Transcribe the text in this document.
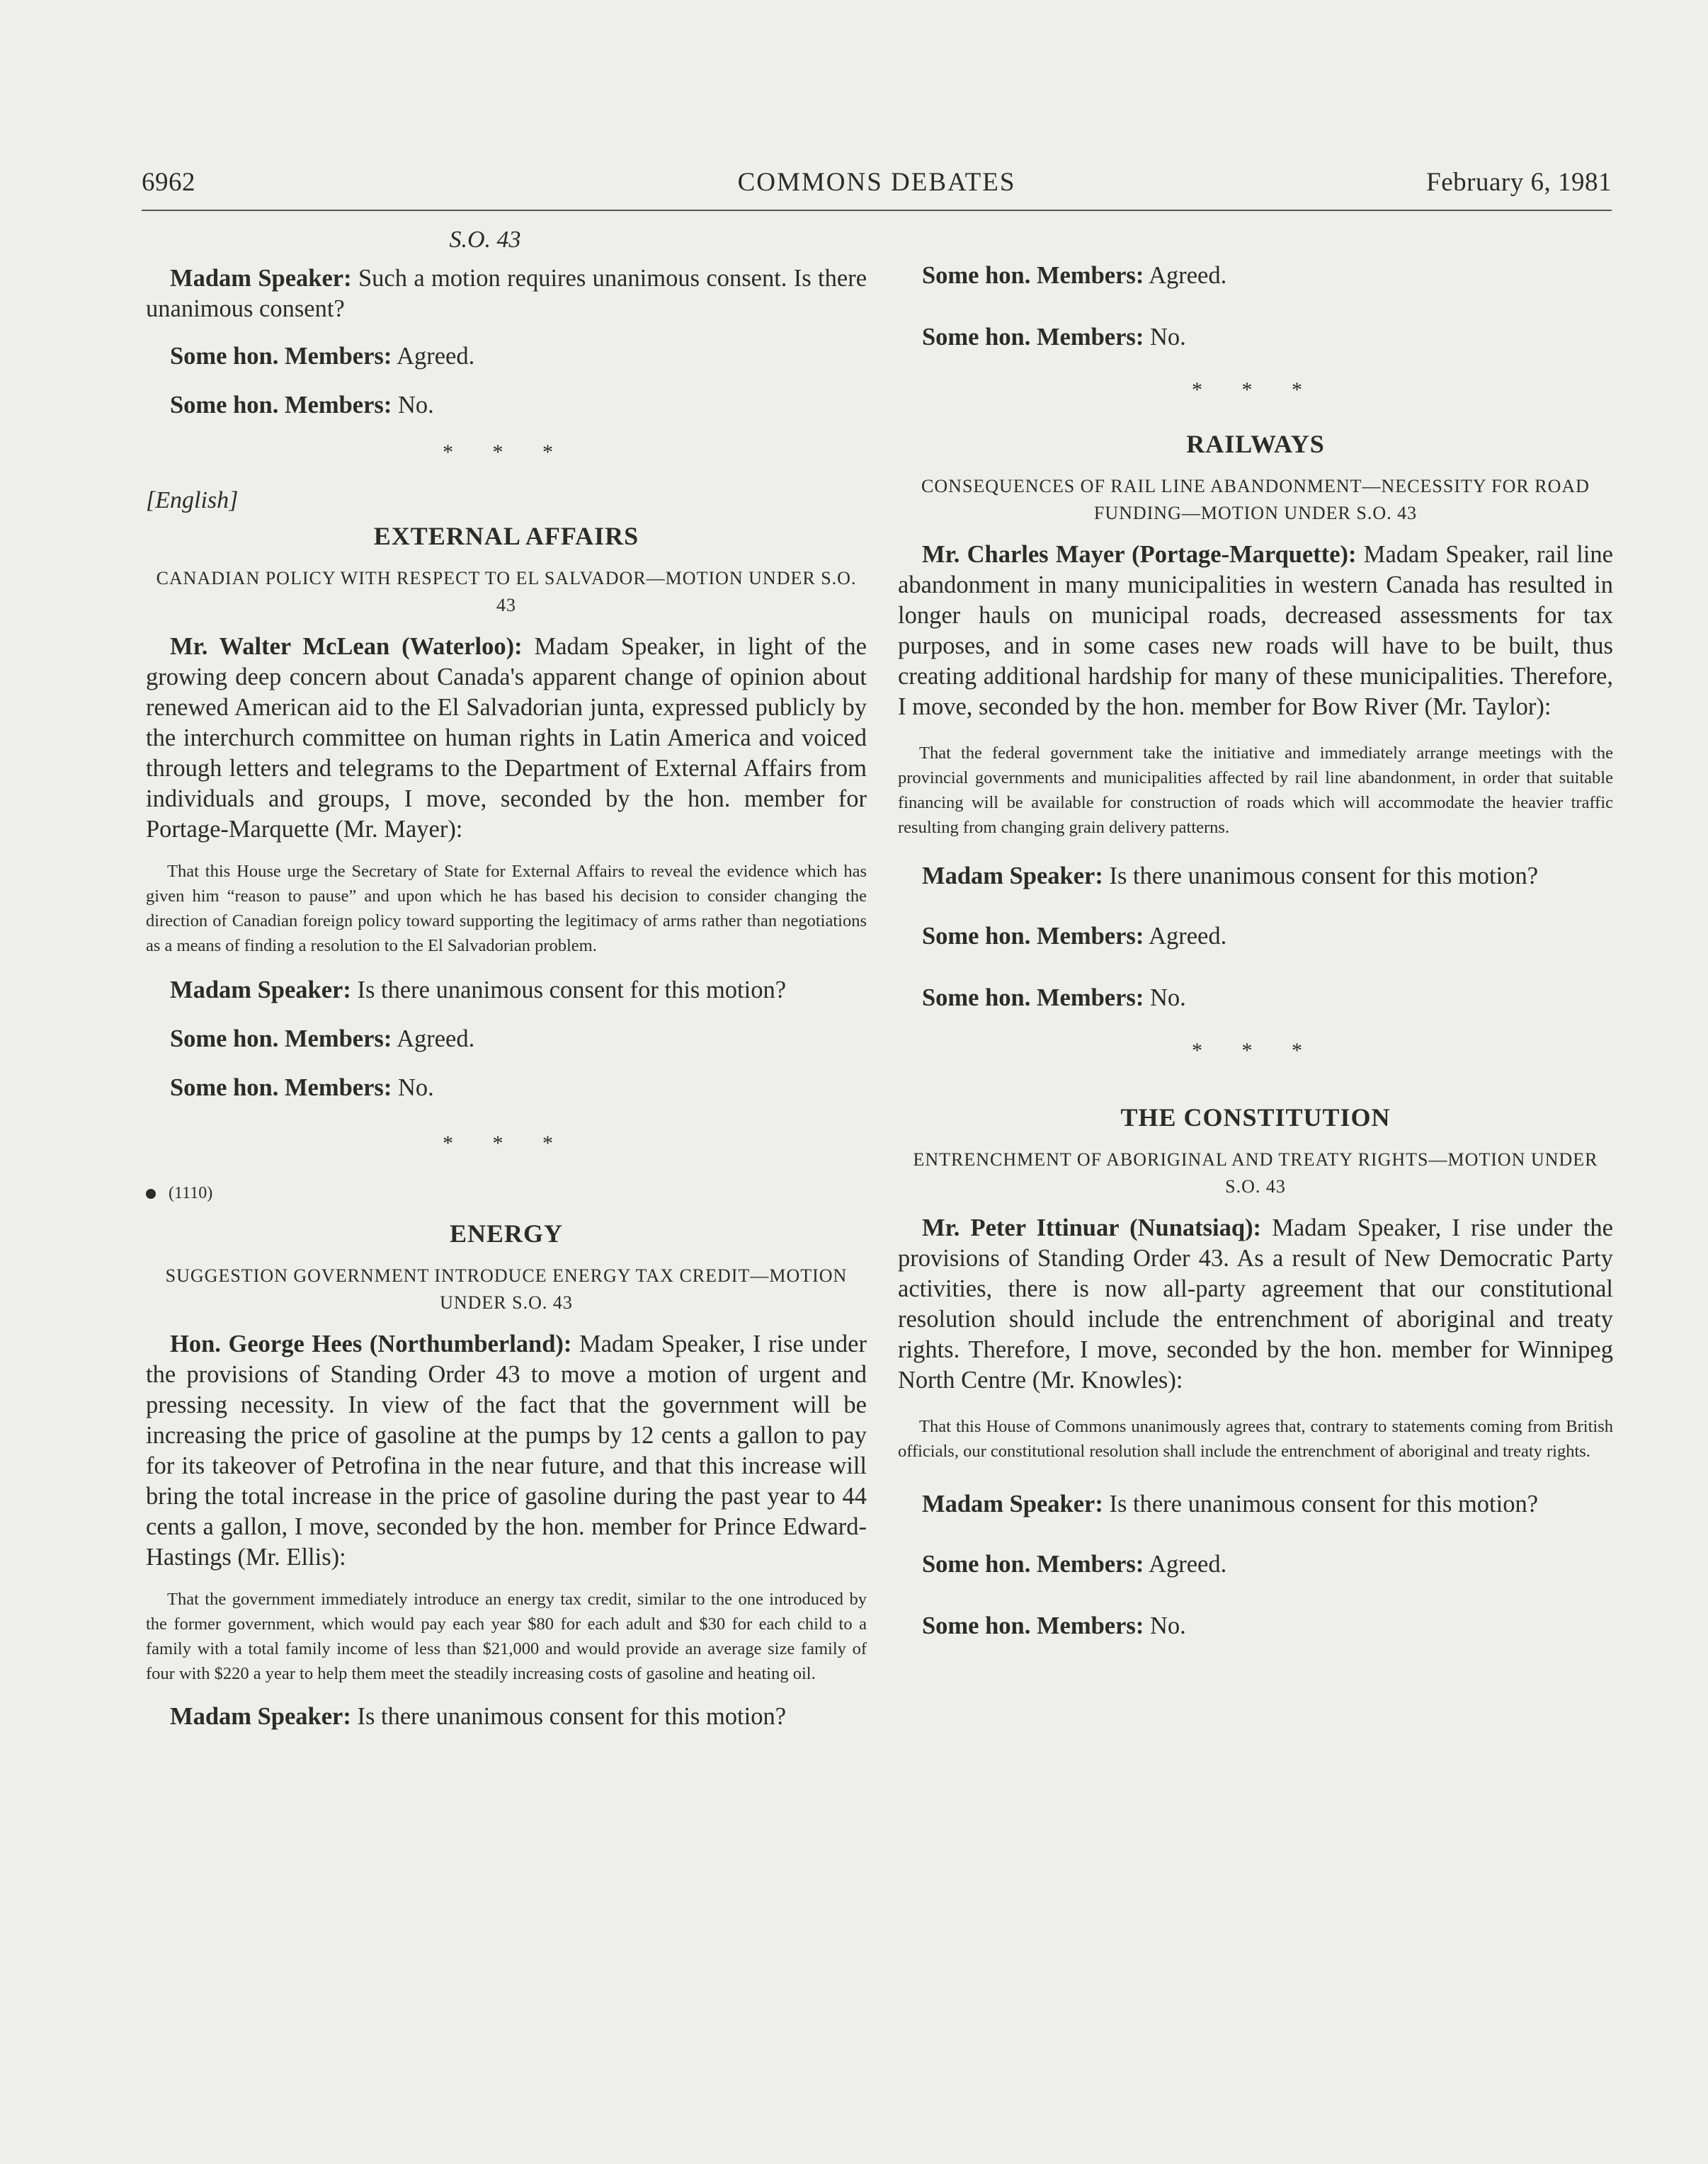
6962	COMMONS DEBATES	February 6, 1981

S.O. 43

Madam Speaker: Such a motion requires unanimous consent. Is there unanimous consent?

Some hon. Members: Agreed.

Some hon. Members: No.

* * *

[English]

EXTERNAL AFFAIRS

CANADIAN POLICY WITH RESPECT TO EL SALVADOR—MOTION UNDER S.O. 43

Mr. Walter McLean (Waterloo): Madam Speaker, in light of the growing deep concern about Canada's apparent change of opinion about renewed American aid to the El Salvadorian junta, expressed publicly by the interchurch committee on human rights in Latin America and voiced through letters and telegrams to the Department of External Affairs from individuals and groups, I move, seconded by the hon. member for Portage-Marquette (Mr. Mayer):

That this House urge the Secretary of State for External Affairs to reveal the evidence which has given him “reason to pause” and upon which he has based his decision to consider changing the direction of Canadian foreign policy toward supporting the legitimacy of arms rather than negotiations as a means of finding a resolution to the El Salvadorian problem.

Madam Speaker: Is there unanimous consent for this motion?

Some hon. Members: Agreed.

Some hon. Members: No.

* * *

(1110)

ENERGY

SUGGESTION GOVERNMENT INTRODUCE ENERGY TAX CREDIT—MOTION UNDER S.O. 43

Hon. George Hees (Northumberland): Madam Speaker, I rise under the provisions of Standing Order 43 to move a motion of urgent and pressing necessity. In view of the fact that the government will be increasing the price of gasoline at the pumps by 12 cents a gallon to pay for its takeover of Petrofina in the near future, and that this increase will bring the total increase in the price of gasoline during the past year to 44 cents a gallon, I move, seconded by the hon. member for Prince Edward-Hastings (Mr. Ellis):

That the government immediately introduce an energy tax credit, similar to the one introduced by the former government, which would pay each year $80 for each adult and $30 for each child to a family with a total family income of less than $21,000 and would provide an average size family of four with $220 a year to help them meet the steadily increasing costs of gasoline and heating oil.

Madam Speaker: Is there unanimous consent for this motion?

Some hon. Members: Agreed.

Some hon. Members: No.

* * *

RAILWAYS

CONSEQUENCES OF RAIL LINE ABANDONMENT—NECESSITY FOR ROAD FUNDING—MOTION UNDER S.O. 43

Mr. Charles Mayer (Portage-Marquette): Madam Speaker, rail line abandonment in many municipalities in western Canada has resulted in longer hauls on municipal roads, decreased assessments for tax purposes, and in some cases new roads will have to be built, thus creating additional hardship for many of these municipalities. Therefore, I move, seconded by the hon. member for Bow River (Mr. Taylor):

That the federal government take the initiative and immediately arrange meetings with the provincial governments and municipalities affected by rail line abandonment, in order that suitable financing will be available for construction of roads which will accommodate the heavier traffic resulting from changing grain delivery patterns.

Madam Speaker: Is there unanimous consent for this motion?

Some hon. Members: Agreed.

Some hon. Members: No.

* * *

THE CONSTITUTION

ENTRENCHMENT OF ABORIGINAL AND TREATY RIGHTS—MOTION UNDER S.O. 43

Mr. Peter Ittinuar (Nunatsiaq): Madam Speaker, I rise under the provisions of Standing Order 43. As a result of New Democratic Party activities, there is now all-party agreement that our constitutional resolution should include the entrenchment of aboriginal and treaty rights. Therefore, I move, seconded by the hon. member for Winnipeg North Centre (Mr. Knowles):

That this House of Commons unanimously agrees that, contrary to statements coming from British officials, our constitutional resolution shall include the entrenchment of aboriginal and treaty rights.

Madam Speaker: Is there unanimous consent for this motion?

Some hon. Members: Agreed.

Some hon. Members: No.
